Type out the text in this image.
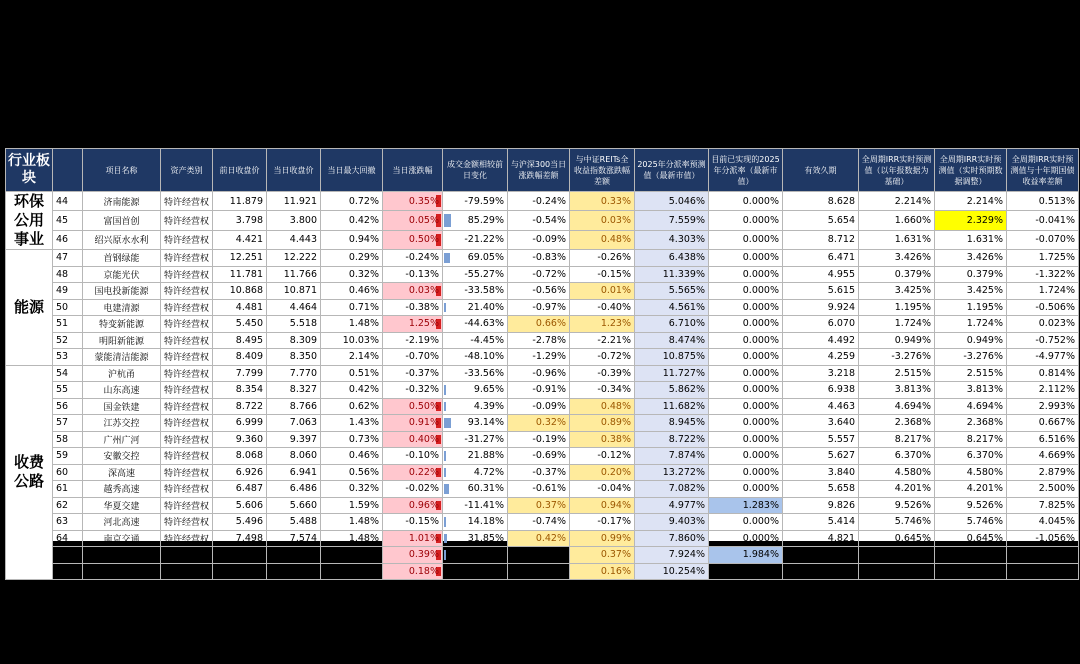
行业板块		项目名称	资产类别	前日收盘价	当日收盘价	当日最大回撤	当日涨跌幅	成交金额相较前日变化	与沪深300当日涨跌幅差额	与中证REITs全收益指数涨跌幅差额	2025年分派率预测值（最新市值）	目前已实现的2025年分派率（最新市值）	有效久期	全周期IRR实时预测值（以年报数据为基础）	全周期IRR实时预测值（实时预期数据调整）	全周期IRR实时预测值与十年期国债收益率差额
环保公用事业	44	济南能源	特许经营权	11.879	11.921	0.72%	0.35%	-79.59%	-0.24%	0.33%	5.046%	0.000%	8.628	2.214%	2.214%	0.513%
	45	富国首创	特许经营权	3.798	3.800	0.42%	0.05%	85.29%	-0.54%	0.03%	7.559%	0.000%	5.654	1.660%	2.329%	-0.041%
	46	绍兴原水水利	特许经营权	4.421	4.443	0.94%	0.50%	-21.22%	-0.09%	0.48%	4.303%	0.000%	8.712	1.631%	1.631%	-0.070%
能源	47	首钢绿能	特许经营权	12.251	12.222	0.29%	-0.24%	69.05%	-0.83%	-0.26%	6.438%	0.000%	6.471	3.426%	3.426%	1.725%
	48	京能光伏	特许经营权	11.781	11.766	0.32%	-0.13%	-55.27%	-0.72%	-0.15%	11.339%	0.000%	4.955	0.379%	0.379%	-1.322%
	49	国电投新能源	特许经营权	10.868	10.871	0.46%	0.03%	-33.58%	-0.56%	0.01%	5.565%	0.000%	5.615	3.425%	3.425%	1.724%
	50	电建清源	特许经营权	4.481	4.464	0.71%	-0.38%	21.40%	-0.97%	-0.40%	4.561%	0.000%	9.924	1.195%	1.195%	-0.506%
	51	特变新能源	特许经营权	5.450	5.518	1.48%	1.25%	-44.63%	0.66%	1.23%	6.710%	0.000%	6.070	1.724%	1.724%	0.023%
	52	明阳新能源	特许经营权	8.495	8.309	10.03%	-2.19%	-4.45%	-2.78%	-2.21%	8.474%	0.000%	4.492	0.949%	0.949%	-0.752%
	53	蒙能清洁能源	特许经营权	8.409	8.350	2.14%	-0.70%	-48.10%	-1.29%	-0.72%	10.875%	0.000%	4.259	-3.276%	-3.276%	-4.977%
收费公路	54	沪杭甬	特许经营权	7.799	7.770	0.51%	-0.37%	-33.56%	-0.96%	-0.39%	11.727%	0.000%	3.218	2.515%	2.515%	0.814%
	55	山东高速	特许经营权	8.354	8.327	0.42%	-0.32%	9.65%	-0.91%	-0.34%	5.862%	0.000%	6.938	3.813%	3.813%	2.112%
	56	国金铁建	特许经营权	8.722	8.766	0.62%	0.50%	4.39%	-0.09%	0.48%	11.682%	0.000%	4.463	4.694%	4.694%	2.993%
	57	江苏交控	特许经营权	6.999	7.063	1.43%	0.91%	93.14%	0.32%	0.89%	8.945%	0.000%	3.640	2.368%	2.368%	0.667%
	58	广州广河	特许经营权	9.360	9.397	0.73%	0.40%	-31.27%	-0.19%	0.38%	8.722%	0.000%	5.557	8.217%	8.217%	6.516%
	59	安徽交控	特许经营权	8.068	8.060	0.46%	-0.10%	21.88%	-0.69%	-0.12%	7.874%	0.000%	5.627	6.370%	6.370%	4.669%
	60	深高速	特许经营权	6.926	6.941	0.56%	0.22%	4.72%	-0.37%	0.20%	13.272%	0.000%	3.840	4.580%	4.580%	2.879%
	61	越秀高速	特许经营权	6.487	6.486	0.32%	-0.02%	60.31%	-0.61%	-0.04%	7.082%	0.000%	5.658	4.201%	4.201%	2.500%
	62	华夏交建	特许经营权	5.606	5.660	1.59%	0.96%	-11.41%	0.37%	0.94%	4.977%	1.283%	9.826	9.526%	9.526%	7.825%
	63	河北高速	特许经营权	5.496	5.488	1.48%	-0.15%	14.18%	-0.74%	-0.17%	9.403%	0.000%	5.414	5.746%	5.746%	4.045%
	64	南京交通	特许经营权	7.498	7.574	1.48%	1.01%	31.85%	0.42%	0.99%	7.860%	0.000%	4.821	0.645%	0.645%	-1.056%
	65	招商高速公路	特许经营权	7.985	8.016	2.53%	0.39%	8.97%	-0.20%	0.37%	7.924%	1.984%	5.124	3.618%	3.618%	1.917%
	66	宁波交投	特许经营权	10.531	10.550	0.79%	0.18%	-23.89%	-0.41%	0.16%	10.254%	0.000%	3.638	0.280%	0.280%	-1.421%
